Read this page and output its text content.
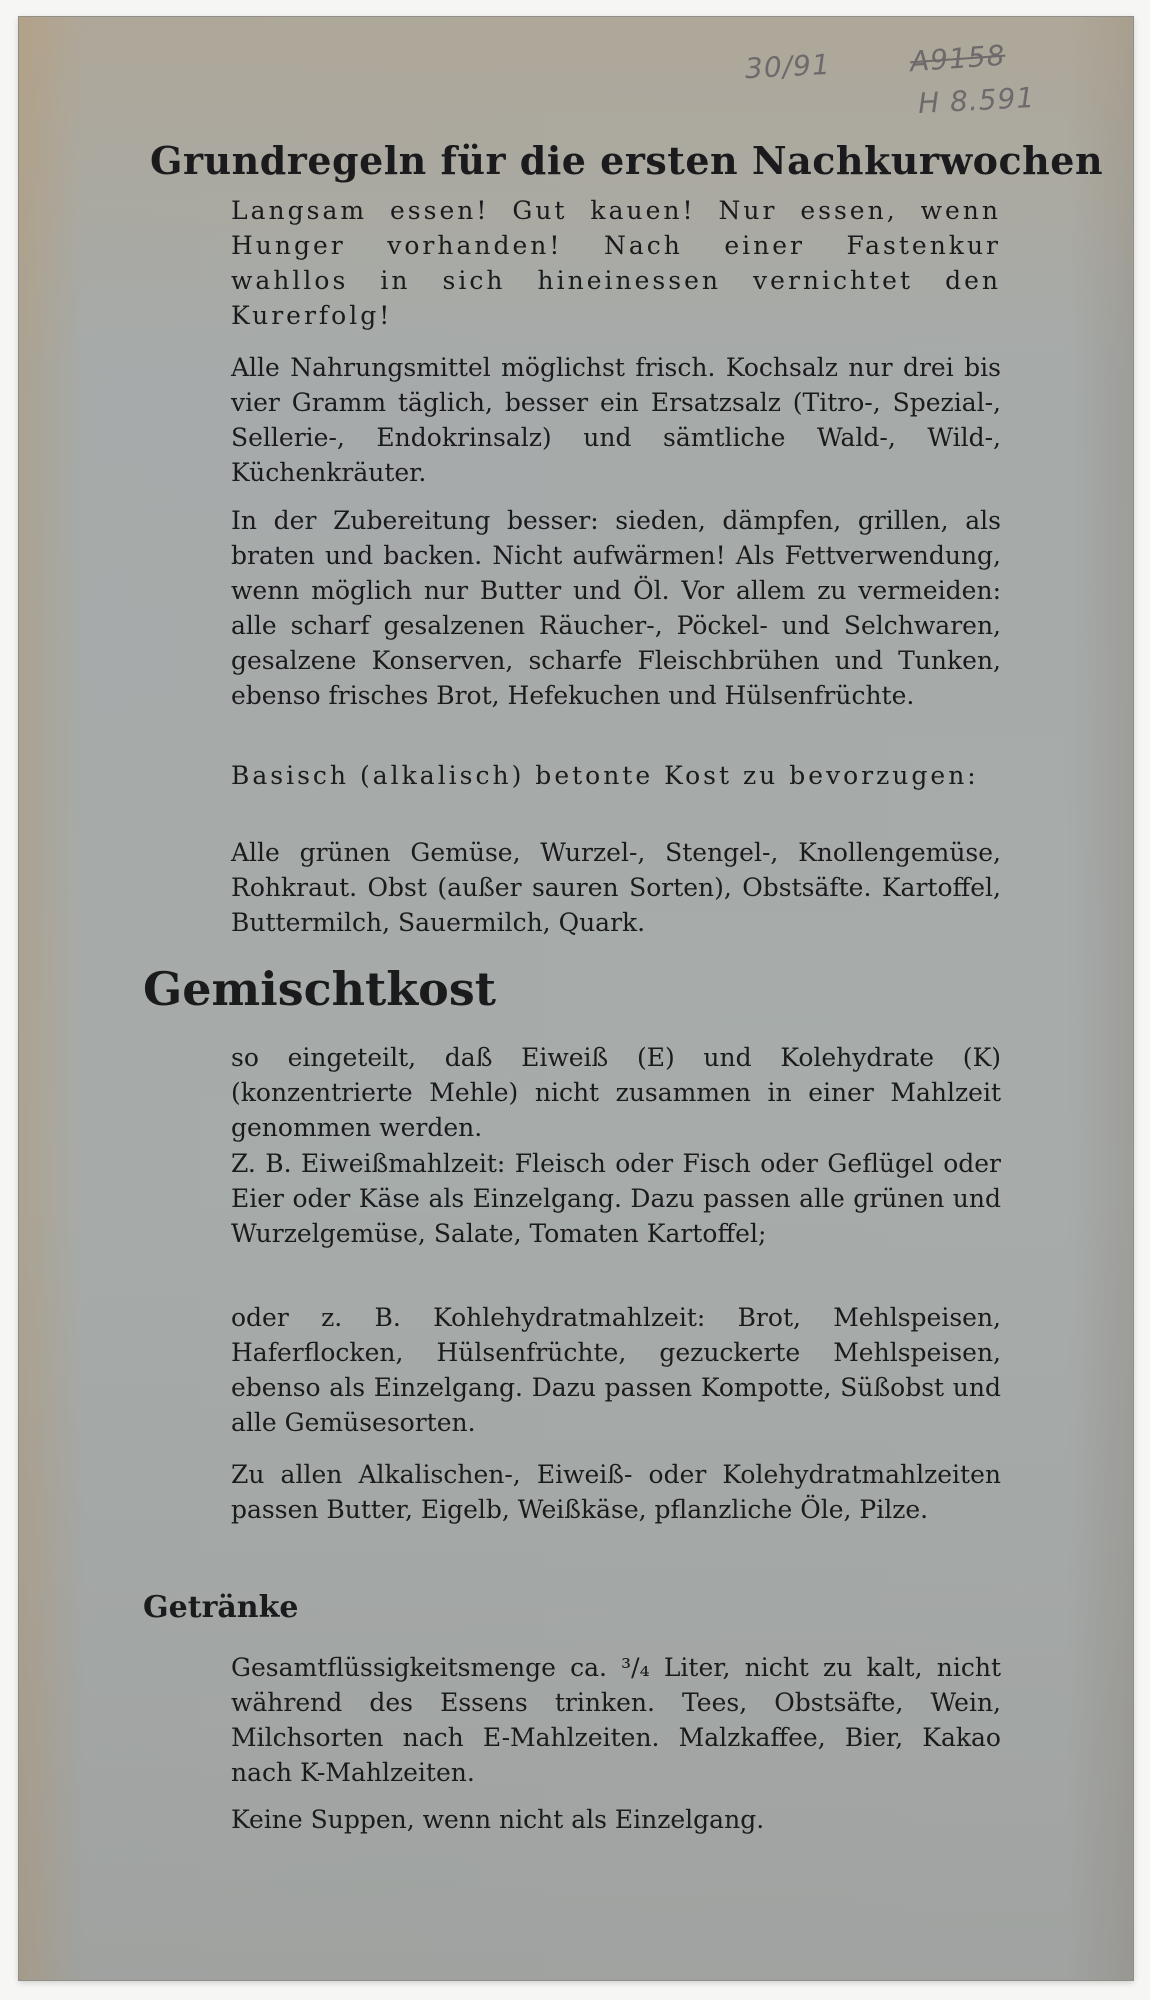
30/91	A9158
H 8.591
Grundregeln für die ersten Nachkurwochen

Langsam essen! Gut kauen! Nur essen, wenn Hunger vorhanden! Nach einer Fastenkur wahllos in sich hineinessen vernichtet den Kurerfolg!

Alle Nahrungsmittel möglichst frisch. Kochsalz nur drei bis vier Gramm täglich, besser ein Ersatzsalz (Titro-, Spezial-, Sellerie-, Endokrinsalz) und sämtliche Wald-, Wild-, Küchenkräuter.

In der Zubereitung besser: sieden, dämpfen, grillen, als braten und backen. Nicht aufwärmen! Als Fettverwendung, wenn möglich nur Butter und Öl. Vor allem zu vermeiden: alle scharf gesalzenen Räucher-, Pöckel- und Selchwaren, gesalzene Konserven, scharfe Fleischbrühen und Tunken, ebenso frisches Brot, Hefekuchen und Hülsenfrüchte.

Basisch (alkalisch) betonte Kost zu bevorzugen:

Alle grünen Gemüse, Wurzel-, Stengel-, Knollengemüse, Rohkraut. Obst (außer sauren Sorten), Obstsäfte. Kartoffel, Buttermilch, Sauermilch, Quark.

Gemischtkost

so eingeteilt, daß Eiweiß (E) und Kolehydrate (K) (konzentrierte Mehle) nicht zusammen in einer Mahlzeit genommen werden.

Z. B. Eiweißmahlzeit: Fleisch oder Fisch oder Geflügel oder Eier oder Käse als Einzelgang. Dazu passen alle grünen und Wurzelgemüse, Salate, Tomaten Kartoffel;

oder z. B. Kohlehydratmahlzeit: Brot, Mehlspeisen, Haferflocken, Hülsenfrüchte, gezuckerte Mehlspeisen, ebenso als Einzelgang. Dazu passen Kompotte, Süßobst und alle Gemüsesorten.

Zu allen Alkalischen-, Eiweiß- oder Kolehydratmahlzeiten passen Butter, Eigelb, Weißkäse, pflanzliche Öle, Pilze.

Getränke

Gesamtflüssigkeitsmenge ca. ³/₄ Liter, nicht zu kalt, nicht während des Essens trinken. Tees, Obstsäfte, Wein, Milchsorten nach E-Mahlzeiten. Malzkaffee, Bier, Kakao nach K-Mahlzeiten.

Keine Suppen, wenn nicht als Einzelgang.
